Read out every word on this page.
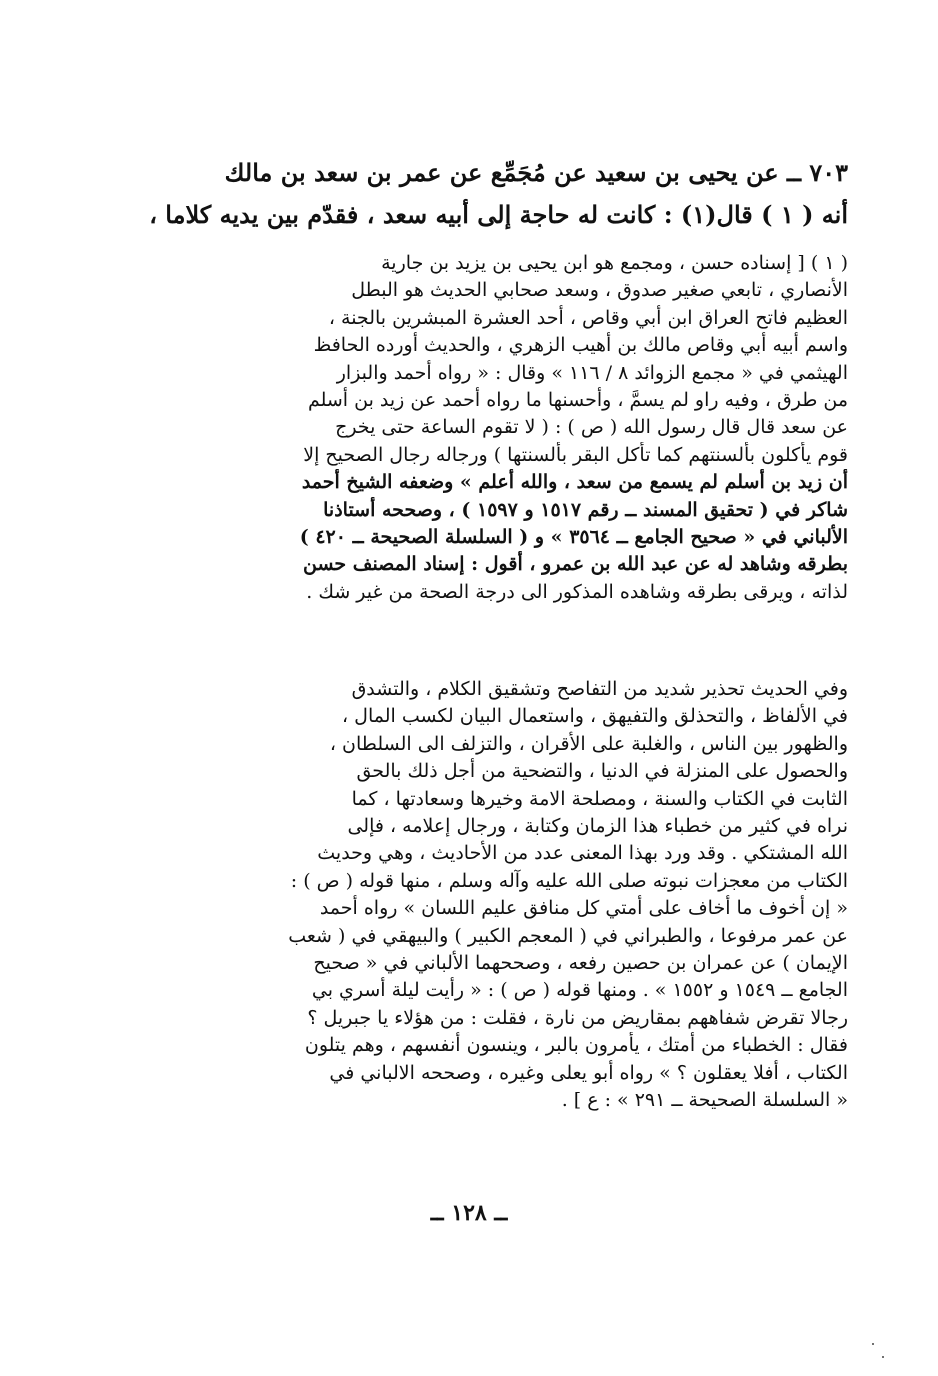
٧٠٣ ــ عن يحيى بن سعيد عن مُجَمِّع عن عمر بن سعد بن مالك
أنه ( ١ ) قال(١) : كانت له حاجة إلى أبيه سعد ، فقدّم بين يديه كلاما ،
( ١ ) [ إسناده حسن ، ومجمع هو ابن يحيى بن يزيد بن جارية
الأنصاري ، تابعي صغير صدوق ، وسعد صحابي الحديث هو البطل
العظيم فاتح العراق ابن أبي وقاص ، أحد العشرة المبشرين بالجنة ،
واسم أبيه أبي وقاص مالك بن أهيب الزهري ، والحديث أورده الحافظ
الهيثمي في « مجمع الزوائد ٨ / ١١٦ » وقال : « رواه أحمد والبزار
من طرق ، وفيه راو لم يسمَّ ، وأحسنها ما رواه أحمد عن زيد بن أسلم
عن سعد قال قال رسول الله ( ص ) : ( لا تقوم الساعة حتى يخرج
قوم يأكلون بألسنتهم كما تأكل البقر بألسنتها ) ورجاله رجال الصحيح إلا
أن زيد بن أسلم لم يسمع من سعد ، والله أعلم » وضعفه الشيخ أحمد
شاكر في ( تحقيق المسند ــ رقم ١٥١٧ و ١٥٩٧ ) ، وصححه أستاذنا
الألباني في « صحيح الجامع ــ ٣٥٦٤ » و ( السلسلة الصحيحة ــ ٤٢٠ )
بطرقه وشاهد له عن عبد الله بن عمرو ، أقول : إسناد المصنف حسن
لذاته ، ويرقى بطرقه وشاهده المذكور الى درجة الصحة من غير شك .
وفي الحديث تحذير شديد من التفاصح وتشقيق الكلام ، والتشدق
في الألفاظ ، والتحذلق والتفيهق ، واستعمال البيان لكسب المال ،
والظهور بين الناس ، والغلبة على الأقران ، والتزلف الى السلطان ،
والحصول على المنزلة في الدنيا ، والتضحية من أجل ذلك بالحق
الثابت في الكتاب والسنة ، ومصلحة الامة وخيرها وسعادتها ، كما
نراه في كثير من خطباء هذا الزمان وكتابة ، ورجال إعلامه ، فإلى
الله المشتكي . وقد ورد بهذا المعنى عدد من الأحاديث ، وهي وحديث
الكتاب من معجزات نبوته صلى الله عليه وآله وسلم ، منها قوله ( ص ) :
« إن أخوف ما أخاف على أمتي كل منافق عليم اللسان » رواه أحمد
عن عمر مرفوعا ، والطبراني في ( المعجم الكبير ) والبيهقي في ( شعب
الإيمان ) عن عمران بن حصين رفعه ، وصححهما الألباني في « صحيح
الجامع ــ ١٥٤٩ و ١٥٥٢ » . ومنها قوله ( ص ) : « رأيت ليلة أسري بي
رجالا تقرض شفاههم بمقاريض من نارة ، فقلت : من هؤلاء يا جبريل ؟
فقال : الخطباء من أمتك ، يأمرون بالبر ، وينسون أنفسهم ، وهم يتلون
الكتاب ، أفلا يعقلون ؟ » رواه أبو يعلى وغيره ، وصححه الالباني في
« السلسلة الصحيحة ــ ٢٩١ » : ع ] .
ــ ١٢٨ ــ
